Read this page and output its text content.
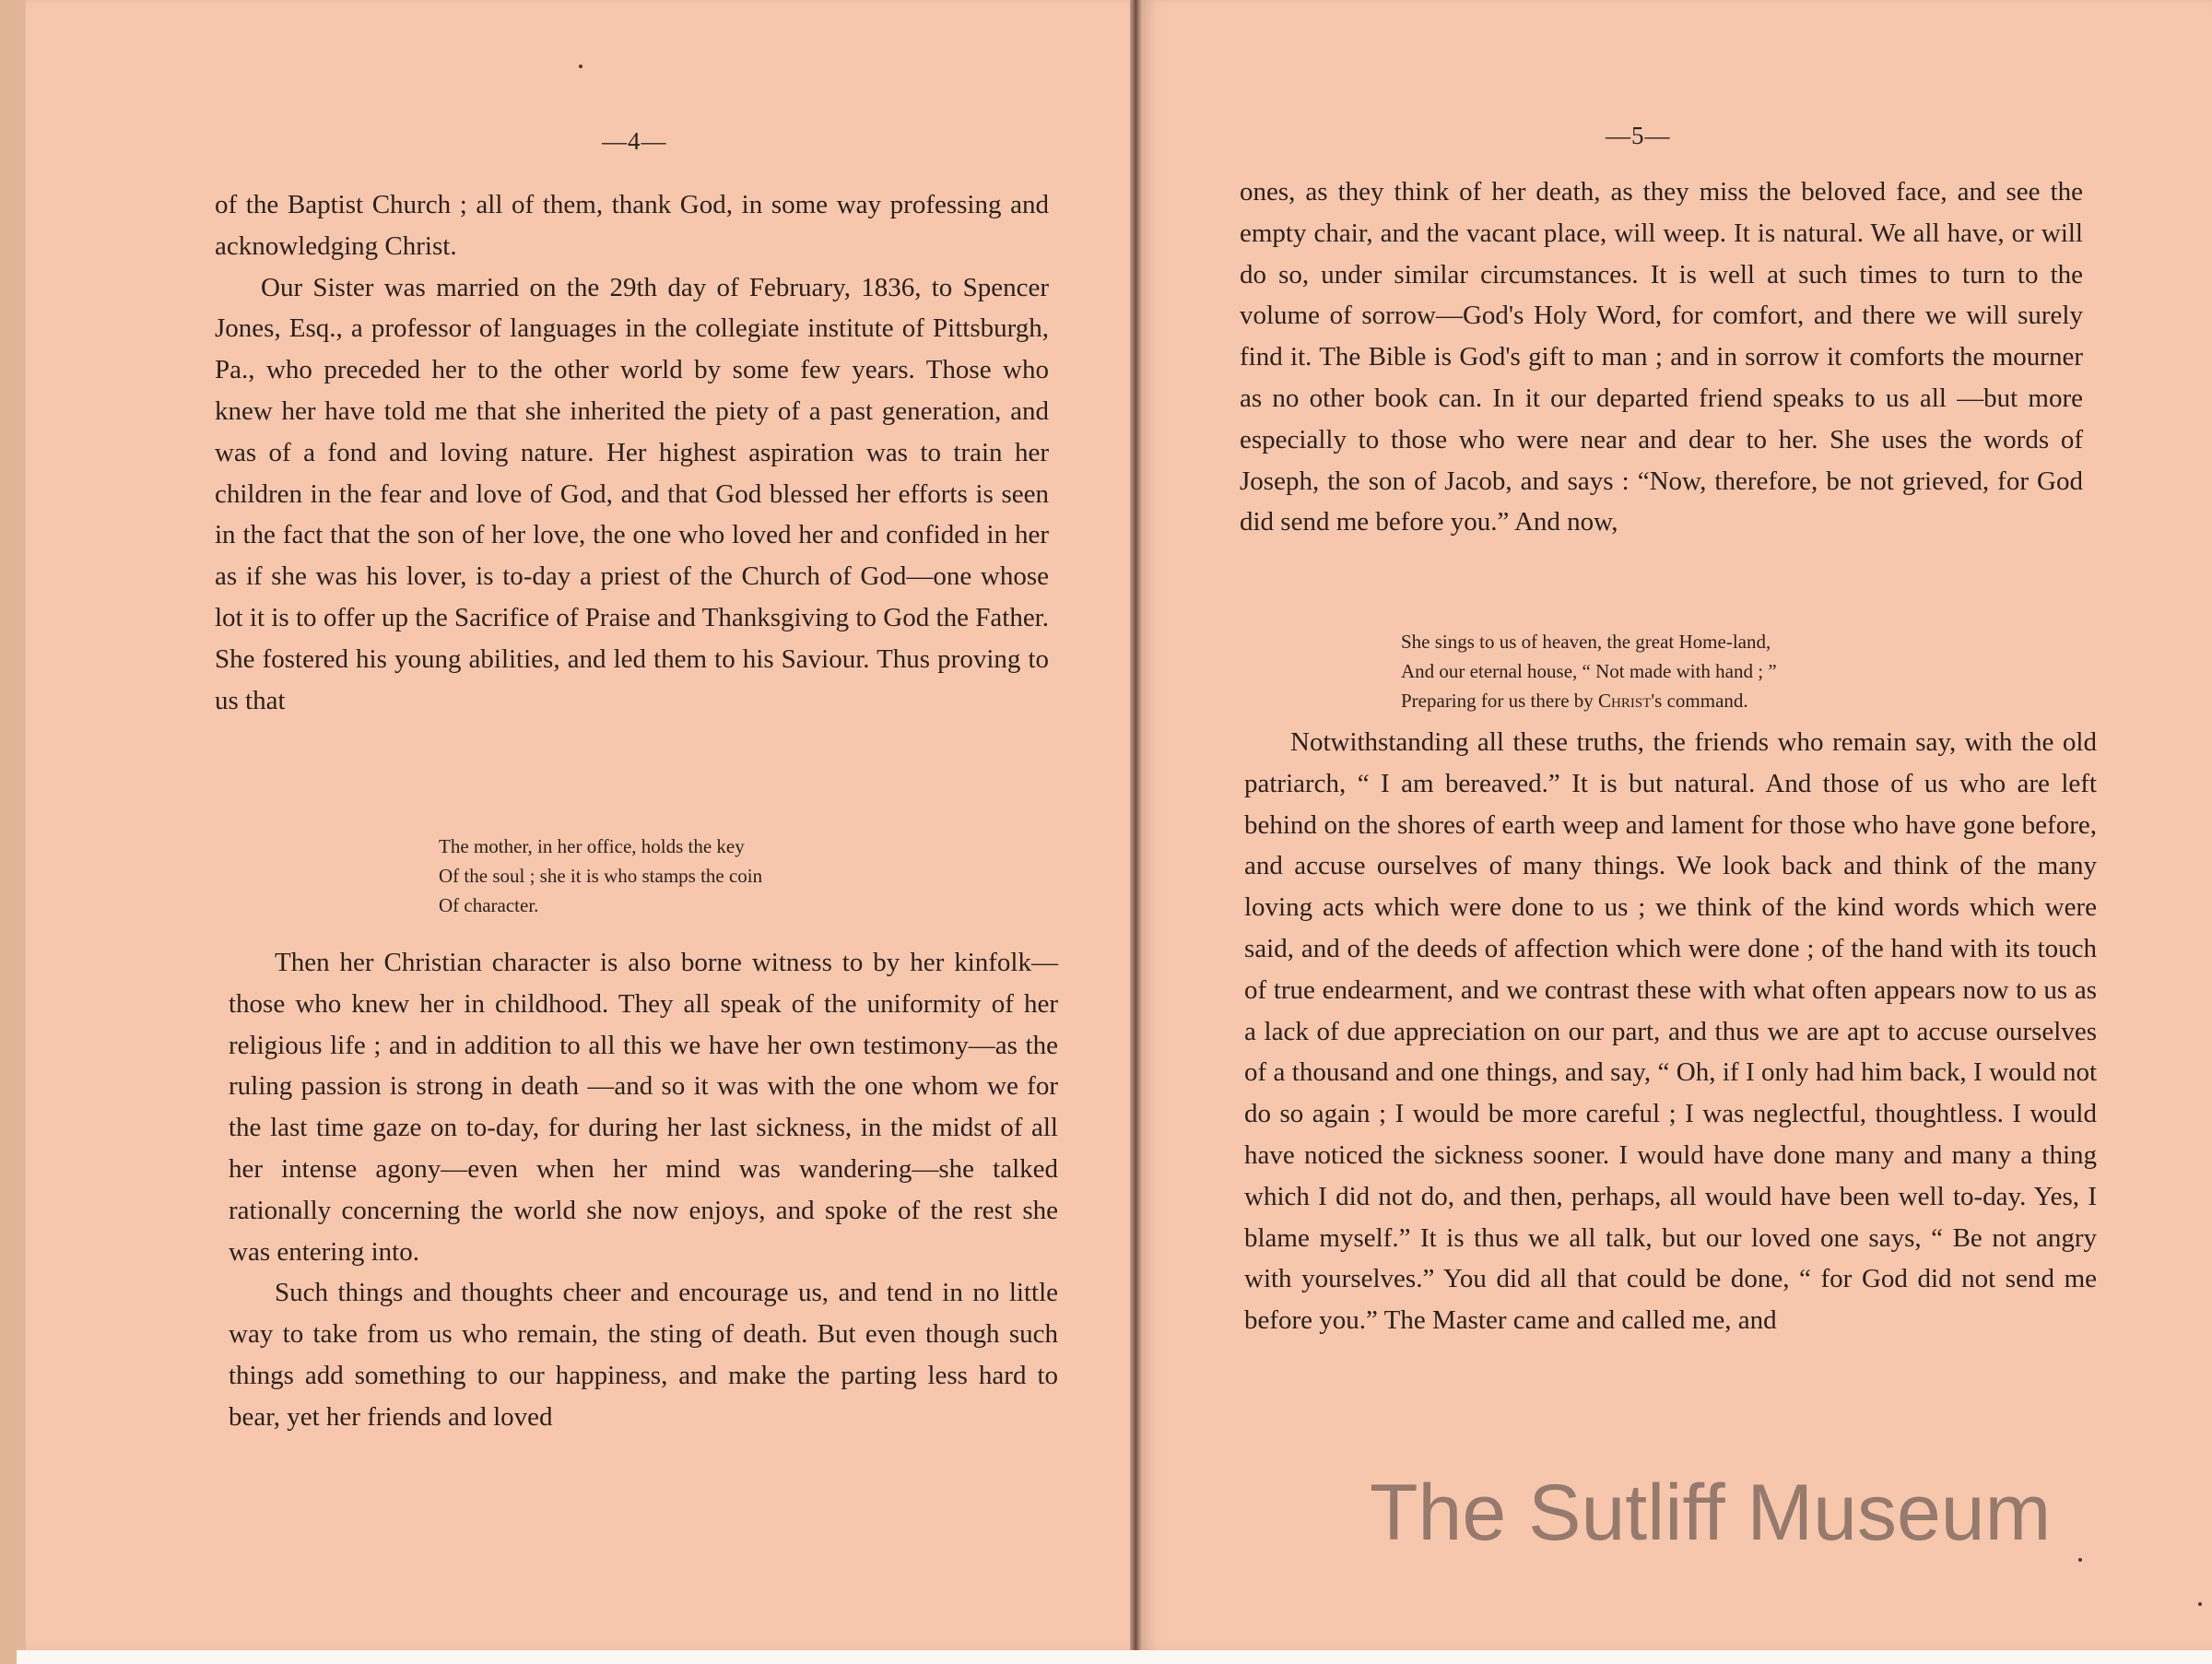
—4—

of the Baptist Church ; all of them, thank God, in some way professing and acknowledging Christ.

Our Sister was married on the 29th day of February, 1836, to Spencer Jones, Esq., a professor of languages in the collegiate institute of Pittsburgh, Pa., who preceded her to the other world by some few years. Those who knew her have told me that she inherited the piety of a past generation, and was of a fond and loving nature. Her highest aspiration was to train her children in the fear and love of God, and that God blessed her efforts is seen in the fact that the son of her love, the one who loved her and confided in her as if she was his lover, is to-day a priest of the Church of God—one whose lot it is to offer up the Sacrifice of Praise and Thanksgiving to God the Father. She fostered his young abilities, and led them to his Saviour. Thus proving to us that

The mother, in her office, holds the key
Of the soul ; she it is who stamps the coin
Of character.

Then her Christian character is also borne witness to by her kinfolk—those who knew her in childhood. They all speak of the uniformity of her religious life ; and in addition to all this we have her own testimony—as the ruling passion is strong in death —and so it was with the one whom we for the last time gaze on to-day, for during her last sickness, in the midst of all her intense agony—even when her mind was wandering—she talked rationally concerning the world she now enjoys, and spoke of the rest she was entering into.

Such things and thoughts cheer and encourage us, and tend in no little way to take from us who remain, the sting of death. But even though such things add something to our happiness, and make the parting less hard to bear, yet her friends and loved

—5—

ones, as they think of her death, as they miss the beloved face, and see the empty chair, and the vacant place, will weep. It is natural. We all have, or will do so, under similar circumstances. It is well at such times to turn to the volume of sorrow—God's Holy Word, for comfort, and there we will surely find it. The Bible is God's gift to man ; and in sorrow it comforts the mourner as no other book can. In it our departed friend speaks to us all —but more especially to those who were near and dear to her. She uses the words of Joseph, the son of Jacob, and says : “Now, therefore, be not grieved, for God did send me before you.” And now,

She sings to us of heaven, the great Home-land,
And our eternal house, “ Not made with hand ; ”
Preparing for us there by Christ's command.

Notwithstanding all these truths, the friends who remain say, with the old patriarch, “ I am bereaved.” It is but natural. And those of us who are left behind on the shores of earth weep and lament for those who have gone before, and accuse ourselves of many things. We look back and think of the many loving acts which were done to us ; we think of the kind words which were said, and of the deeds of affection which were done ; of the hand with its touch of true endearment, and we contrast these with what often appears now to us as a lack of due appreciation on our part, and thus we are apt to accuse ourselves of a thousand and one things, and say, “ Oh, if I only had him back, I would not do so again ; I would be more careful ; I was neglectful, thoughtless. I would have noticed the sickness sooner. I would have done many and many a thing which I did not do, and then, perhaps, all would have been well to-day. Yes, I blame myself.” It is thus we all talk, but our loved one says, “ Be not angry with yourselves.” You did all that could be done, “ for God did not send me before you.” The Master came and called me, and

The Sutliff Museum
